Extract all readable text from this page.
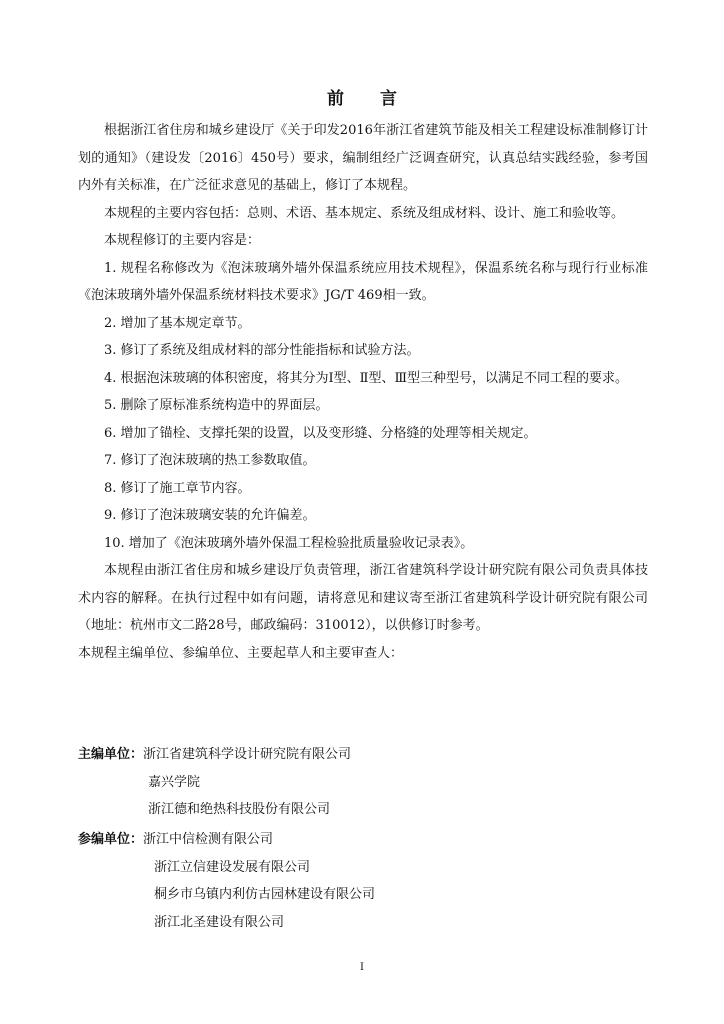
前 言

根据浙江省住房和城乡建设厅《关于印发2016年浙江省建筑节能及相关工程建设标准制修订计划的通知》（建设发〔2016〕450号）要求，编制组经广泛调查研究，认真总结实践经验，参考国内外有关标准，在广泛征求意见的基础上，修订了本规程。

本规程的主要内容包括：总则、术语、基本规定、系统及组成材料、设计、施工和验收等。

本规程修订的主要内容是：

1. 规程名称修改为《泡沫玻璃外墙外保温系统应用技术规程》，保温系统名称与现行行业标准《泡沫玻璃外墙外保温系统材料技术要求》JG/T 469相一致。

2. 增加了基本规定章节。

3. 修订了系统及组成材料的部分性能指标和试验方法。

4. 根据泡沫玻璃的体积密度，将其分为Ⅰ型、Ⅱ型、Ⅲ型三种型号，以满足不同工程的要求。

5. 删除了原标准系统构造中的界面层。

6. 增加了锚栓、支撑托架的设置，以及变形缝、分格缝的处理等相关规定。

7. 修订了泡沫玻璃的热工参数取值。

8. 修订了施工章节内容。

9. 修订了泡沫玻璃安装的允许偏差。

10. 增加了《泡沫玻璃外墙外保温工程检验批质量验收记录表》。

本规程由浙江省住房和城乡建设厅负责管理，浙江省建筑科学设计研究院有限公司负责具体技术内容的解释。在执行过程中如有问题，请将意见和建议寄至浙江省建筑科学设计研究院有限公司（地址：杭州市文二路28号，邮政编码：310012），以供修订时参考。

本规程主编单位、参编单位、主要起草人和主要审查人：

主编单位：浙江省建筑科学设计研究院有限公司
嘉兴学院
浙江德和绝热科技股份有限公司
参编单位：浙江中信检测有限公司
浙江立信建设发展有限公司
桐乡市乌镇内利仿古园林建设有限公司
浙江北圣建设有限公司
I
